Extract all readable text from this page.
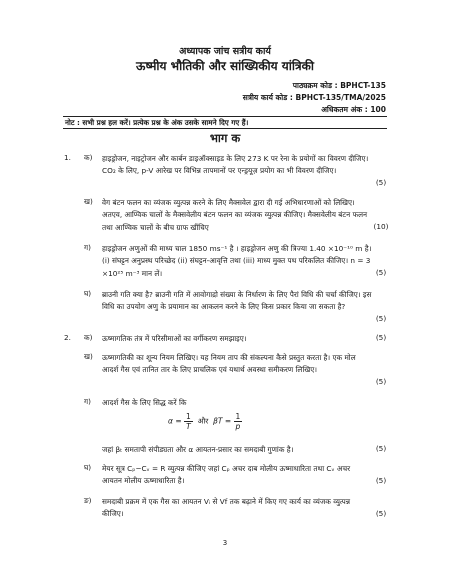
अध्यापक जांच सत्रीय कार्य
ऊष्मीय भौतिकी और सांख्यिकीय यांत्रिकी
पाठ्यक्रम कोड : BPHCT-135
सत्रीय कार्य कोड : BPHCT-135/TMA/2025
अधिकतम अंक : 100
नोट : सभी प्रश्न हल करें। प्रत्येक प्रश्न के अंक उसके सामने दिए गए हैं।
भाग क
1. क) हाइड्रोजन, नाइट्रोजन और कार्बन डाइऑक्साइड के लिए 273 K पर रेना के प्रयोगों का विवरण दीजिए। CO₂ के लिए, p-V आरेख पर विभिन्न तापमानों पर एन्ड्रयूज़ प्रयोग का भी विवरण दीजिए।
(5)
ख) वेग बंटन फलन का व्यंजक व्युत्पन्न करने के लिए मैक्सवेल द्वारा दी गई अभिधारणाओं को लिखिए। अतएव, आण्विक चालों के मैक्सवेलीय बंटन फलन का व्यंजक व्युत्पन्न कीजिए। मैक्सवेलीय बंटन फलन तथा आण्विक चालों के बीच ग्राफ खींचिए	(10)
ग) हाइड्रोजन अणुओं की माध्य चाल 1850 ms⁻¹ है । हाइड्रोजन अणु की त्रिज्या 1.40 ×10⁻¹⁰ m है। (i) संघट्टन अनुप्रस्थ परिच्छेद (ii) संघट्टन-आवृत्ति तथा (iii) माध्य मुक्त पथ परिकलित कीजिए। n = 3 ×10²⁵ m⁻³ मान लें।	(5)
घ) ब्राउनी गति क्या है? ब्राउनी गति में आवोगाद्रो संख्या के निर्धारण के लिए पैरां विधि की चर्चा कीजिए। इस विधि का उपयोग अणु के प्रयामान का आकलन करने के लिए किस प्रकार किया जा सकता है?
(5)
2. क) ऊष्मागतिक तंत्र में परिसीमाओं का वर्गीकरण समझाइए।	(5)
ख) ऊष्मागतिकी का शून्य नियम लिखिए। यह नियम ताप की संकल्पना कैसे प्रस्तुत करता है। एक मोल आदर्श गैस एवं तानित तार के लिए प्राचलिक एवं यथार्थ अवस्था समीकरण लिखिए।
(5)
ग) आदर्श गैस के लिए सिद्ध करें कि
$\alpha = \frac{1}{T}$ और $\beta T = \frac{1}{p}$
जहां βₜ समतापी संपीड्यता और α आयतन-प्रसार का समदाबी गुणांक है।	(5)
घ) मेयर सूत्र Cₚ−Cᵥ = R व्युत्पन्न कीजिए जहां Cₚ अचर दाब मोलीय ऊष्माधारिता तथा Cᵥ अचर आयतन मोलीय ऊष्माधारिता है।	(5)
ङ) समदाबी प्रक्रम में एक गैस का आयतन Vᵢ से Vf तक बढ़ाने में किए गए कार्य का व्यंजक व्युत्पन्न कीजिए।	(5)
3
